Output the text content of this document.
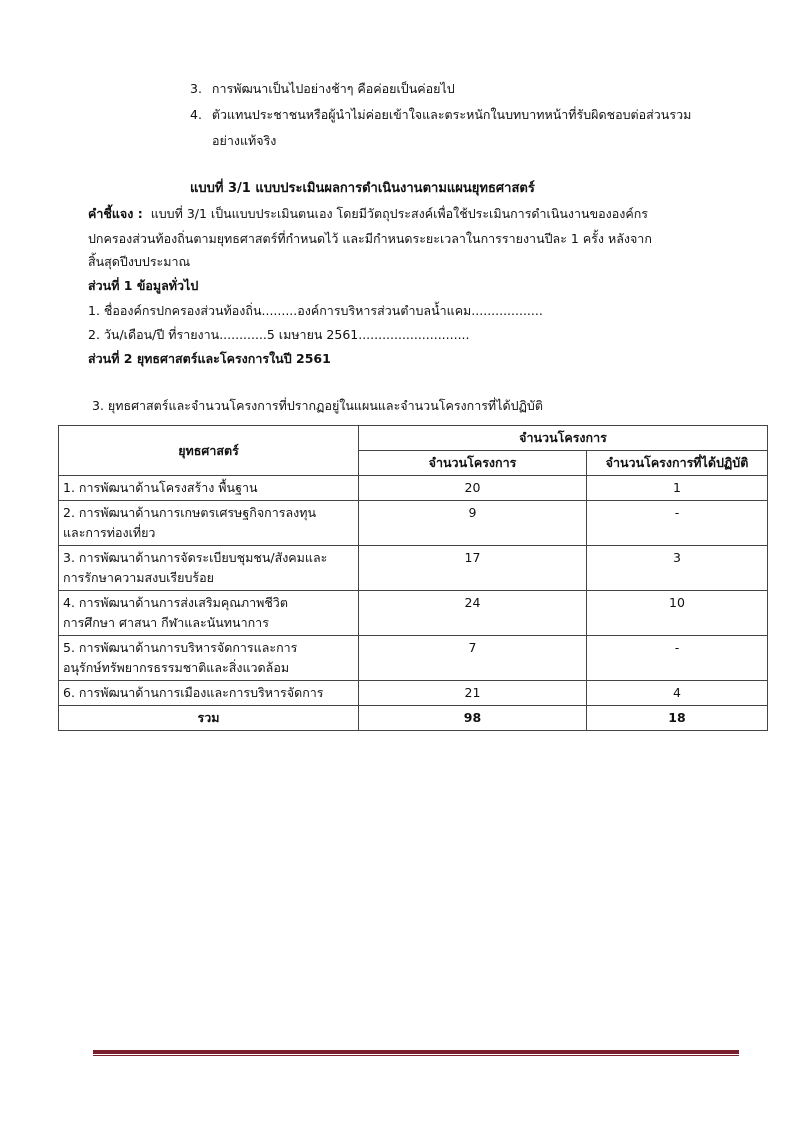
3. การพัฒนาเป็นไปอย่างช้าๆ คือค่อยเป็นค่อยไป
4. ตัวแทนประชาชนหรือผู้นำไม่ค่อยเข้าใจและตระหนักในบทบาทหน้าที่รับผิดชอบต่อส่วนรวม
อย่างแท้จริง
แบบที่ 3/1 แบบประเมินผลการดำเนินงานตามแผนยุทธศาสตร์
คำชี้แจง : แบบที่ 3/1 เป็นแบบประเมินตนเอง โดยมีวัตถุประสงค์เพื่อใช้ประเมินการดำเนินงานขององค์กร
ปกครองส่วนท้องถิ่นตามยุทธศาสตร์ที่กำหนดไว้ และมีกำหนดระยะเวลาในการรายงานปีละ 1 ครั้ง หลังจาก
สิ้นสุดปีงบประมาณ
ส่วนที่ 1 ข้อมูลทั่วไป
1. ชื่อองค์กรปกครองส่วนท้องถิ่น.........องค์การบริหารส่วนตำบลน้ำแคม..................
2. วัน/เดือน/ปี ที่รายงาน............5 เมษายน 2561............................
ส่วนที่ 2 ยุทธศาสตร์และโครงการในปี 2561
3. ยุทธศาสตร์และจำนวนโครงการที่ปรากฏอยู่ในแผนและจำนวนโครงการที่ได้ปฏิบัติ
ยุทธศาสตร์	จำนวนโครงการ	
	จำนวนโครงการ	จำนวนโครงการที่ได้ปฏิบัติ
1. การพัฒนาด้านโครงสร้าง พื้นฐาน	20	1
2. การพัฒนาด้านการเกษตรเศรษฐกิจการลงทุน
และการท่องเที่ยว	9	-
3. การพัฒนาด้านการจัดระเบียบชุมชน/สังคมและ
การรักษาความสงบเรียบร้อย	17	3
4. การพัฒนาด้านการส่งเสริมคุณภาพชีวิต
การศึกษา ศาสนา กีฬาและนันทนาการ	24	10
5. การพัฒนาด้านการบริหารจัดการและการ
อนุรักษ์ทรัพยากรธรรมชาติและสิ่งแวดล้อม	7	-
6. การพัฒนาด้านการเมืองและการบริหารจัดการ	21	4
รวม	98	18
